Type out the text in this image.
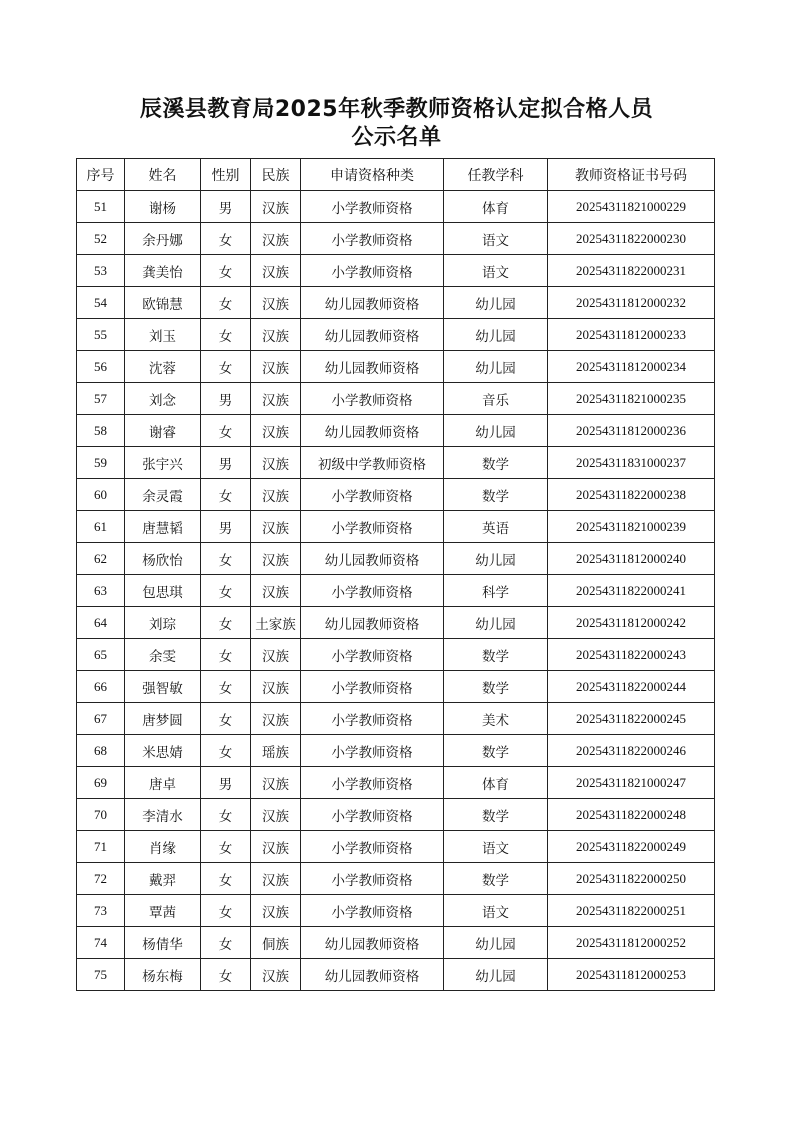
辰溪县教育局2025年秋季教师资格认定拟合格人员
公示名单
序号	姓名	性别	民族	申请资格种类	任教学科	教师资格证书号码
51	谢杨	男	汉族	小学教师资格	体育	20254311821000229
52	余丹娜	女	汉族	小学教师资格	语文	20254311822000230
53	龚美怡	女	汉族	小学教师资格	语文	20254311822000231
54	欧锦慧	女	汉族	幼儿园教师资格	幼儿园	20254311812000232
55	刘玉	女	汉族	幼儿园教师资格	幼儿园	20254311812000233
56	沈蓉	女	汉族	幼儿园教师资格	幼儿园	20254311812000234
57	刘念	男	汉族	小学教师资格	音乐	20254311821000235
58	谢睿	女	汉族	幼儿园教师资格	幼儿园	20254311812000236
59	张宇兴	男	汉族	初级中学教师资格	数学	20254311831000237
60	余灵霞	女	汉族	小学教师资格	数学	20254311822000238
61	唐慧韬	男	汉族	小学教师资格	英语	20254311821000239
62	杨欣怡	女	汉族	幼儿园教师资格	幼儿园	20254311812000240
63	包思琪	女	汉族	小学教师资格	科学	20254311822000241
64	刘琮	女	土家族	幼儿园教师资格	幼儿园	20254311812000242
65	余雯	女	汉族	小学教师资格	数学	20254311822000243
66	强智敏	女	汉族	小学教师资格	数学	20254311822000244
67	唐梦圆	女	汉族	小学教师资格	美术	20254311822000245
68	米思婧	女	瑶族	小学教师资格	数学	20254311822000246
69	唐卓	男	汉族	小学教师资格	体育	20254311821000247
70	李清水	女	汉族	小学教师资格	数学	20254311822000248
71	肖缘	女	汉族	小学教师资格	语文	20254311822000249
72	戴羿	女	汉族	小学教师资格	数学	20254311822000250
73	覃茜	女	汉族	小学教师资格	语文	20254311822000251
74	杨倩华	女	侗族	幼儿园教师资格	幼儿园	20254311812000252
75	杨东梅	女	汉族	幼儿园教师资格	幼儿园	20254311812000253
